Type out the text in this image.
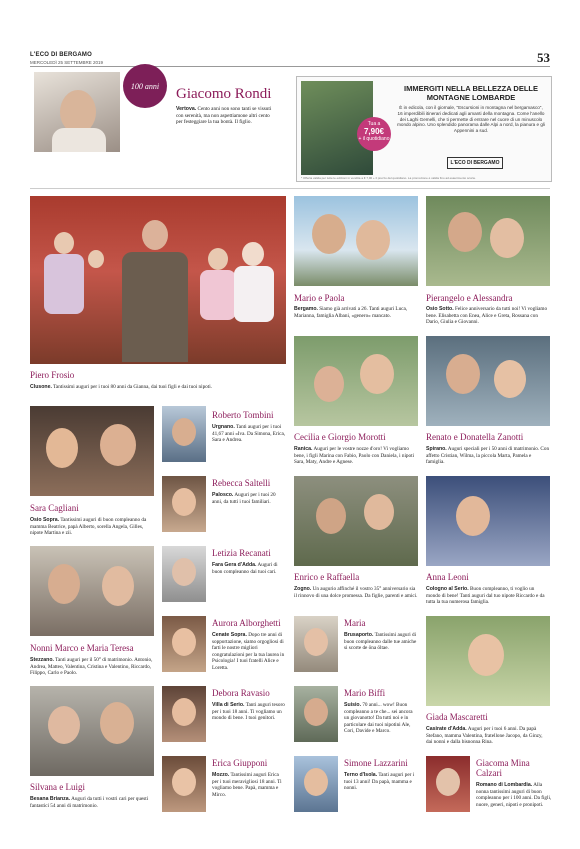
L'ECO DI BERGAMO
MERCOLEDÌ 25 SETTEMBRE 2019	53
100 anni	Giacomo Rondi
Vertova. Cento anni non sono tanti se vissuti con serenità, ma non aspettiamone altri cento per festeggiare la tua bontà. Il figlio.	Tua a
7,90€
+ il quotidiano
IMMERGITI NELLA BELLEZZA DELLE MONTAGNE LOMBARDE
È in edicola, con il giornale, "Escursioni in montagna nel bergamasco", 16 imperdibili itinerari dedicati agli amanti della montagna. Come l'anello dei Laghi Gemelli, che ti permette di entrare nel cuore di un minuscolo mondo alpino. Uno splendido panorama dalle Alpi a nord, la pianura e gli Appennini a sud.
L'ECO DI BERGAMO
* Offerta valida per tutte le edizioni in vendita a € 7,90 + il prezzo del quotidiano. La promozione è valida fino ad esaurimento scorte.
Piero Frosio
Clusone. Tantissimi auguri per i tuoi 80 anni da Gianna, dai tuoi figli e dai tuoi nipoti.
Mario e Paola
Bergamo. Siamo già arrivati a 26. Tanti auguri Luca, Marianna, famiglia Albani, «genero» mancato.
Pierangelo e Alessandra
Osio Sotto. Felice anniversario da tutti noi! Vi vogliamo bene. Elisabetta con Enea, Alice e Greta, Rossana con Dario, Giulia e Giovanni.
Roberto Tombini
Urgnano. Tanti auguri per i tuoi 41,67 anni «Iva. Da Simona, Erica, Sara e Andrea.	Cecilia e Giorgio Morotti
Ranica. Auguri per le vostre nozze d'oro! Vi vogliamo bene, i figli Marina con Fabio, Paolo con Daniela, i nipoti Sara, Maty, Andre e Agnese.
Renato e Donatella Zanotti
Spirano. Auguri speciali per i 50 anni di matrimonio. Con affetto Cristian, Wilma, la piccola Marta, Pamela e famiglia.
Sara Cagliani
Osio Sopra. Tantissimi auguri di buon compleanno da mamma Beatrice, papà Alberto, sorella Angela, Gilles, nipote Martina e zii.
Rebecca Saltelli
Palosco. Auguri per i tuoi 20 anni, da tutti i tuoi familiari.
Letizia Recanati
Fara Gera d'Adda. Auguri di buon compleanno dai tuoi cari.
Enrico e Raffaella
Zogno. Un augurio affinché il vostro 35° anniversario sia il rinnovo di una dolce promessa. Da figlie, parenti e amici.
Anna Leoni
Cologno al Serio. Buon compleanno, ti voglio un mondo di bene! Tanti auguri dal tuo nipote Riccardo e da tutta la tua numerosa famiglia.
Nonni Marco e Maria Teresa
Stezzano. Tanti auguri per il 50° di matrimonio. Antonio, Andrea, Matteo, Valentina, Cristina e Valentino, Riccardo, Filippo, Carlo e Paolo.
Aurora Alborghetti
Cenate Sopra. Dopo tre anni di sopportazione, siamo orgogliosi di farti le nostre migliori congratulazioni per la tua laurea in Psicologia! I tuoi fratelli Alice e Loretta.
Maria
Brusaporto. Tantissimi auguri di buon compleanno dalle tue amiche si scorte de öna öltae.
Debora Ravasio
Villa di Serio. Tanti auguri tesoro per i tuoi 18 anni. Ti vogliamo un mondo di bene. I tuoi genitori.
Mario Biffi
Suisio. 70 anni... wow! Buon compleanno a te che... sei ancora un giovanotto! Da tutti noi e in particolare dai tuoi nipotini Ale, Cori, Davide e Marco.
Giada Mascaretti
Casirate d'Adda. Auguri per i tuoi 6 anni. Da papà Stefano, mamma Valentina, fratellone Jacopo, da Ginzy, dai nonni e dalla bisnonna Rina.
Silvana e Luigi
Besana Brianza. Auguri da tutti i vostri cari per questi fantastici 54 anni di matrimonio.
Erica Giupponi
Mozzo. Tantissimi auguri Erica per i tuoi meravigliosi 18 anni. Ti vogliamo bene. Papà, mamma e Mirco.
Simone Lazzarini
Terno d'Isola. Tanti auguri per i tuoi 13 anni! Da papà, mamma e nonni.
Giacoma Mina Calzari
Romano di Lombardia. Alla nonna tantissimi auguri di buon compleanno per i 100 anni. Da figli, nuore, generi, nipoti e pronipoti.
